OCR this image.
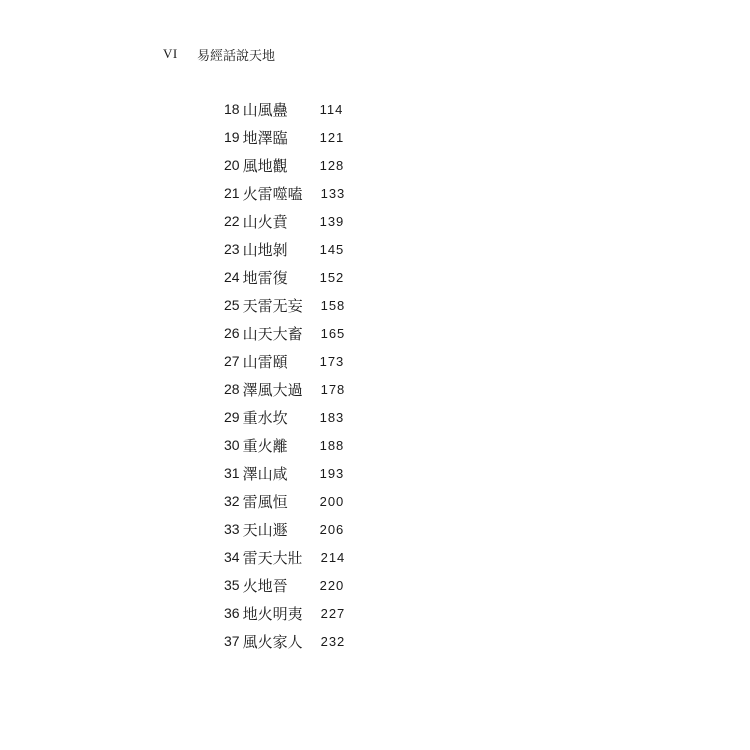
VI	易經話說天地
18 山風蠱 114
19 地澤臨 121
20 風地觀 128
21 火雷噬嗑 133
22 山火賁 139
23 山地剝 145
24 地雷復 152
25 天雷无妄 158
26 山天大畜 165
27 山雷頤 173
28 澤風大過 178
29 重水坎 183
30 重火離 188
31 澤山咸 193
32 雷風恒 200
33 天山遯 206
34 雷天大壯 214
35 火地晉 220
36 地火明夷 227
37 風火家人 232
